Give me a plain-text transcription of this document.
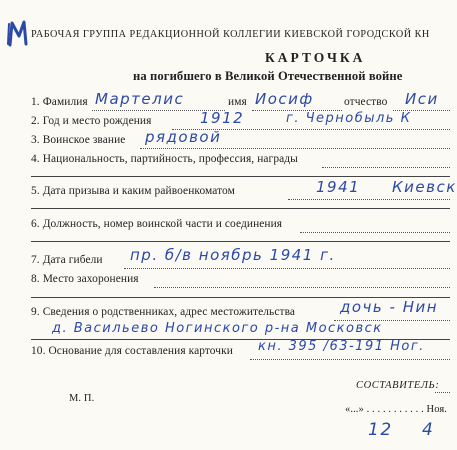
РАБОЧАЯ ГРУППА РЕДАКЦИОННОЙ КОЛЛЕГИИ КИЕВСКОЙ ГОРОДСКОЙ КН
КАРТОЧКА
на погибшего в Великой Отечественной войне
1. Фамилия Мартелис	имя Иосиф	отчество Иси
2. Год и место рождения	1912	г. Чернобыль К
3. Воинское звание рядовой
4. Национальность, партийность, профессия, награды
5. Дата призыва и каким райвоенкоматом	1941 Киевск
6. Должность, номер воинской части и соединения
7. Дата гибели пр. б/в ноябрь 1941 г.
8. Место захоронения
9. Сведения о родственниках, адрес местожительства	дочь - Нин
д. Васильево Ногинского р-на Московск
10. Основание для составления карточки кн. 395 /63-191 Ног.
М. П.
СОСТАВИТЕЛЬ:
«...» . . . . . . . . . . . Ноя.
12 4
